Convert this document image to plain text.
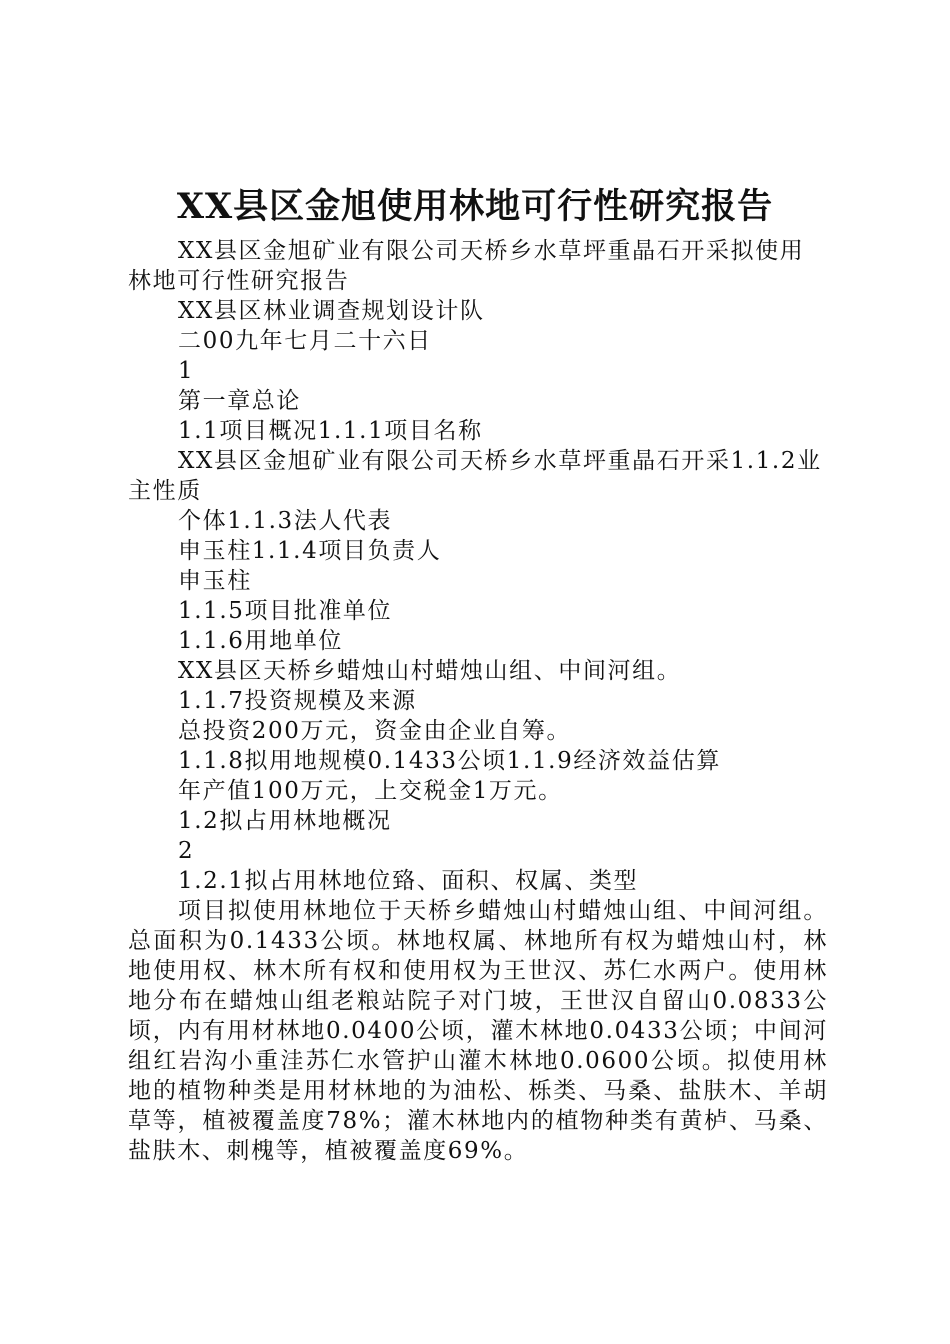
XX县区金旭使用林地可行性研究报告

XX县区金旭矿业有限公司天桥乡水草坪重晶石开采拟使用林地可行性研究报告

XX县区林业调查规划设计队

二00九年七月二十六日

1

第一章总论

1.1项目概况1.1.1项目名称

XX县区金旭矿业有限公司天桥乡水草坪重晶石开采1.1.2业主性质

个体1.1.3法人代表

申玉柱1.1.4项目负责人

申玉柱

1.1.5项目批准单位

1.1.6用地单位

XX县区天桥乡蜡烛山村蜡烛山组、中间河组。

1.1.7投资规模及来源

总投资200万元，资金由企业自筹。

1.1.8拟用地规模0.1433公顷1.1.9经济效益估算

年产值100万元，上交税金1万元。

1.2拟占用林地概况

2

1.2.1拟占用林地位臵、面积、权属、类型

项目拟使用林地位于天桥乡蜡烛山村蜡烛山组、中间河组。总面积为0.1433公顷。林地权属、林地所有权为蜡烛山村，林地使用权、林木所有权和使用权为王世汉、苏仁水两户。使用林地分布在蜡烛山组老粮站院子对门坡，王世汉自留山0.0833公顷，内有用材林地0.0400公顷，灌木林地0.0433公顷；中间河组红岩沟小重洼苏仁水管护山灌木林地0.0600公顷。拟使用林地的植物种类是用材林地的为油松、栎类、马桑、盐肤木、羊胡草等，植被覆盖度78%；灌木林地内的植物种类有黄栌、马桑、盐肤木、刺槐等，植被覆盖度69%。
